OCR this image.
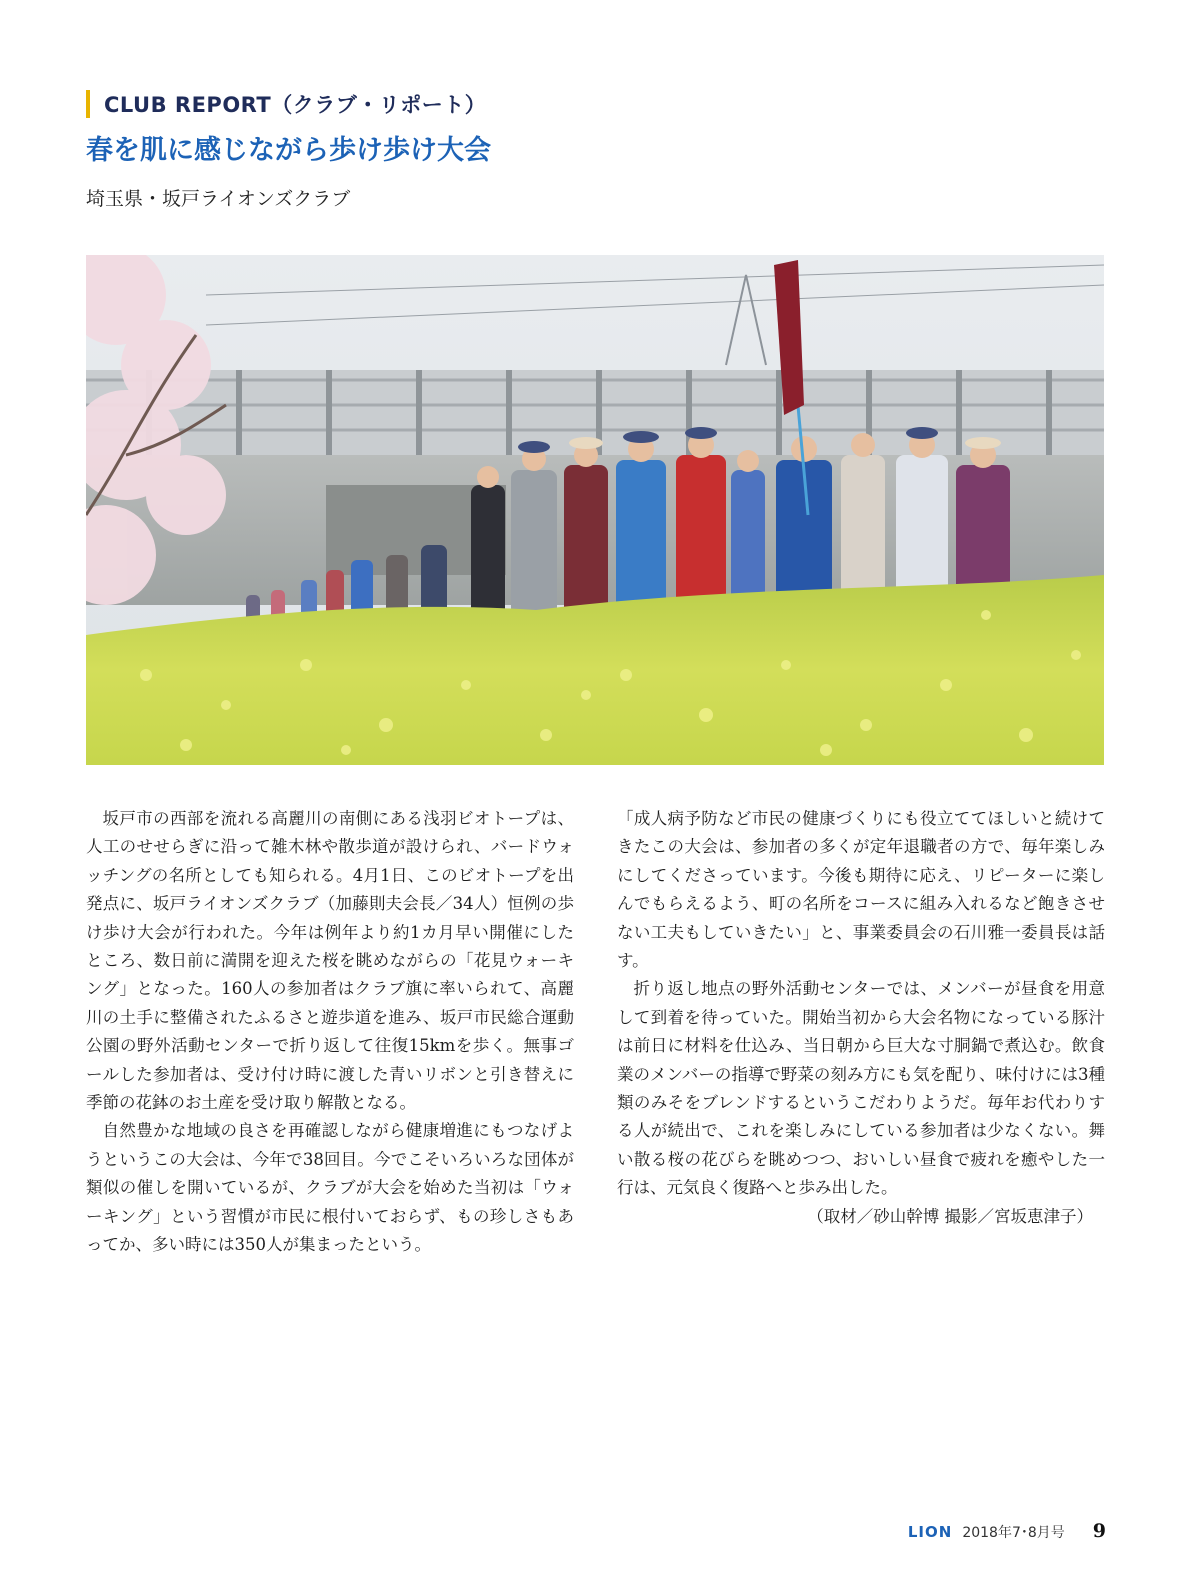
CLUB REPORT（クラブ・リポート）
春を肌に感じながら歩け歩け大会
埼玉県・坂戸ライオンズクラブ

坂戸市の西部を流れる高麗川の南側にある浅羽ビオトープは、人工のせせらぎに沿って雑木林や散歩道が設けられ、バードウォッチングの名所としても知られる。4月1日、このビオトープを出発点に、坂戸ライオンズクラブ（加藤則夫会長／34人）恒例の歩け歩け大会が行われた。今年は例年より約1カ月早い開催にしたところ、数日前に満開を迎えた桜を眺めながらの「花見ウォーキング」となった。160人の参加者はクラブ旗に率いられて、高麗川の土手に整備されたふるさと遊歩道を進み、坂戸市民総合運動公園の野外活動センターで折り返して往復15kmを歩く。無事ゴールした参加者は、受け付け時に渡した青いリボンと引き替えに季節の花鉢のお土産を受け取り解散となる。

自然豊かな地域の良さを再確認しながら健康増進にもつなげようというこの大会は、今年で38回目。今でこそいろいろな団体が類似の催しを開いているが、クラブが大会を始めた当初は「ウォーキング」という習慣が市民に根付いておらず、もの珍しさもあってか、多い時には350人が集まったという。

「成人病予防など市民の健康づくりにも役立ててほしいと続けてきたこの大会は、参加者の多くが定年退職者の方で、毎年楽しみにしてくださっています。今後も期待に応え、リピーターに楽しんでもらえるよう、町の名所をコースに組み入れるなど飽きさせない工夫もしていきたい」と、事業委員会の石川雅一委員長は話す。

折り返し地点の野外活動センターでは、メンバーが昼食を用意して到着を待っていた。開始当初から大会名物になっている豚汁は前日に材料を仕込み、当日朝から巨大な寸胴鍋で煮込む。飲食業のメンバーの指導で野菜の刻み方にも気を配り、味付けには3種類のみそをブレンドするというこだわりようだ。毎年お代わりする人が続出で、これを楽しみにしている参加者は少なくない。舞い散る桜の花びらを眺めつつ、おいしい昼食で疲れを癒やした一行は、元気良く復路へと歩み出した。

（取材／砂山幹博 撮影／宮坂恵津子）

LION 2018年7･8月号 9
